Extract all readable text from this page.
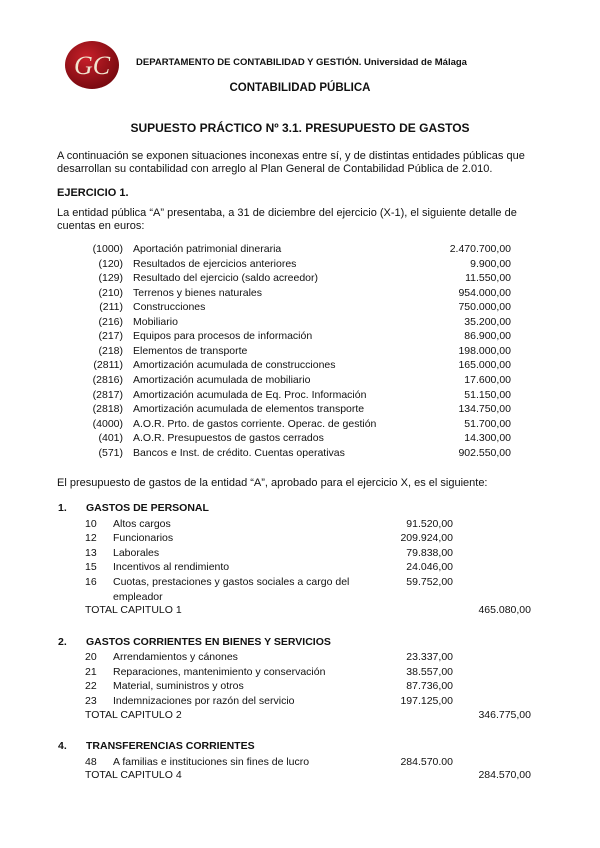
GC	DEPARTAMENTO DE CONTABILIDAD Y GESTIÓN. Universidad de Málaga
CONTABILIDAD PÚBLICA
SUPUESTO PRÁCTICO Nº 3.1. PRESUPUESTO DE GASTOS
A continuación se exponen situaciones inconexas entre sí, y de distintas entidades públicas que desarrollan su contabilidad con arreglo al Plan General de Contabilidad Pública de 2.010.
EJERCICIO 1.
La entidad pública “A” presentaba, a 31 de diciembre del ejercicio (X-1), el siguiente detalle de cuentas en euros:
(1000) Aportación patrimonial dineraria	2.470.700,00
(120) Resultados de ejercicios anteriores	9.900,00
(129) Resultado del ejercicio (saldo acreedor)	11.550,00
(210) Terrenos y bienes naturales	954.000,00
(211) Construcciones	750.000,00
(216) Mobiliario	35.200,00
(217) Equipos para procesos de información	86.900,00
(218) Elementos de transporte	198.000,00
(2811) Amortización acumulada de construcciones	165.000,00
(2816) Amortización acumulada de mobiliario	17.600,00
(2817) Amortización acumulada de Eq. Proc. Información	51.150,00
(2818) Amortización acumulada de elementos transporte	134.750,00
(4000) A.O.R. Prto. de gastos corriente. Operac. de gestión	51.700,00
(401) A.O.R. Presupuestos de gastos cerrados	14.300,00
(571) Bancos e Inst. de crédito. Cuentas operativas	902.550,00
El presupuesto de gastos de la entidad “A”, aprobado para el ejercicio X, es el siguiente:
1. GASTOS DE PERSONAL
10 Altos cargos	91.520,00
12 Funcionarios	209.924,00
13 Laborales	79.838,00
15 Incentivos al rendimiento	24.046,00
16 Cuotas, prestaciones y gastos sociales a cargo del empleador
59.752,00
TOTAL CAPITULO 1	465.080,00
2. GASTOS CORRIENTES EN BIENES Y SERVICIOS
20 Arrendamientos y cánones	23.337,00
21 Reparaciones, mantenimiento y conservación	38.557,00
22 Material, suministros y otros	87.736,00
23 Indemnizaciones por razón del servicio	197.125,00
TOTAL CAPITULO 2	346.775,00
4. TRANSFERENCIAS CORRIENTES
48 A familias e instituciones sin fines de lucro	284.570.00
TOTAL CAPITULO 4	284.570,00
